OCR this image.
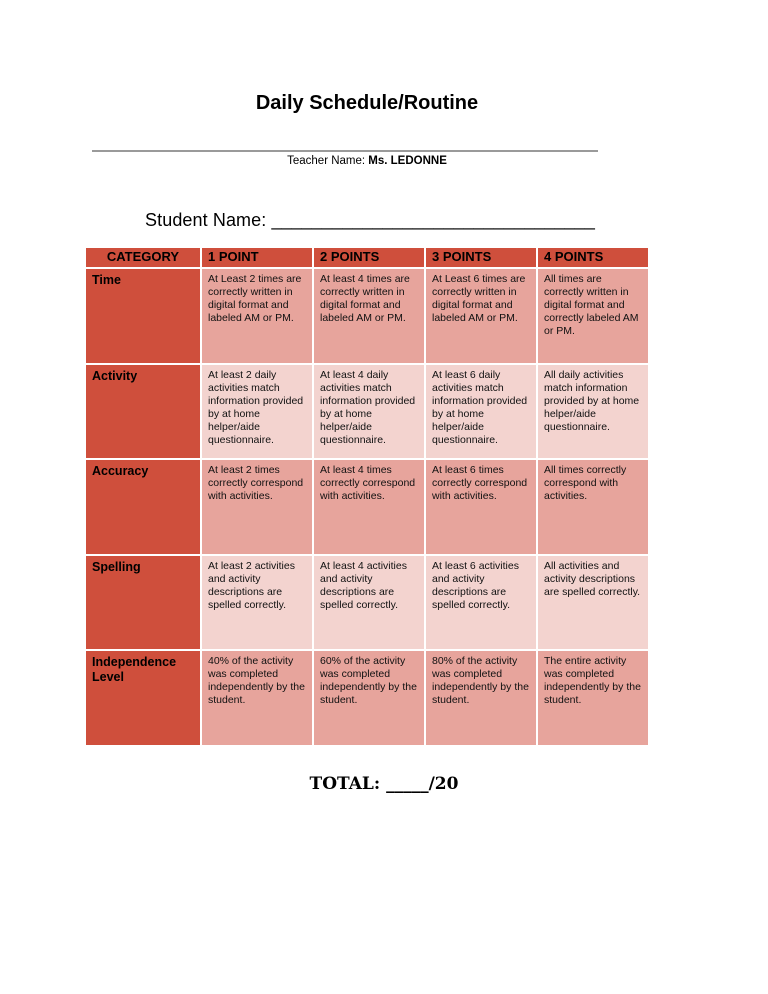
Daily Schedule/Routine
Teacher Name: Ms. LEDONNE
Student Name: ________________________________
CATEGORY	1 POINT	2 POINTS	3 POINTS	4 POINTS
Time	At Least 2 times are correctly written in digital format and labeled AM or PM.	At least 4 times are correctly written in digital format and labeled AM or PM.	At Least 6 times are correctly written in digital format and labeled AM or PM.	All times are correctly written in digital format and correctly labeled AM or PM.
Activity	At least 2 daily activities match information provided by at home helper/aide questionnaire.	At least 4 daily activities match information provided by at home helper/aide questionnaire.	At least 6 daily activities match information provided by at home helper/aide questionnaire.	All daily activities match information provided by at home helper/aide questionnaire.
Accuracy	At least 2 times correctly correspond with activities.	At least 4 times correctly correspond with activities.	At least 6 times correctly correspond with activities.	All times correctly correspond with activities.
Spelling	At least 2 activities and activity descriptions are spelled correctly.	At least 4 activities and activity descriptions are spelled correctly.	At least 6 activities and activity descriptions are spelled correctly.	All activities and activity descriptions are spelled correctly.
Independence Level	40% of the activity was completed independently by the student.	60% of the activity was completed independently by the student.	80% of the activity was completed independently by the student.	The entire activity was completed independently by the student.
TOTAL: _____/20
